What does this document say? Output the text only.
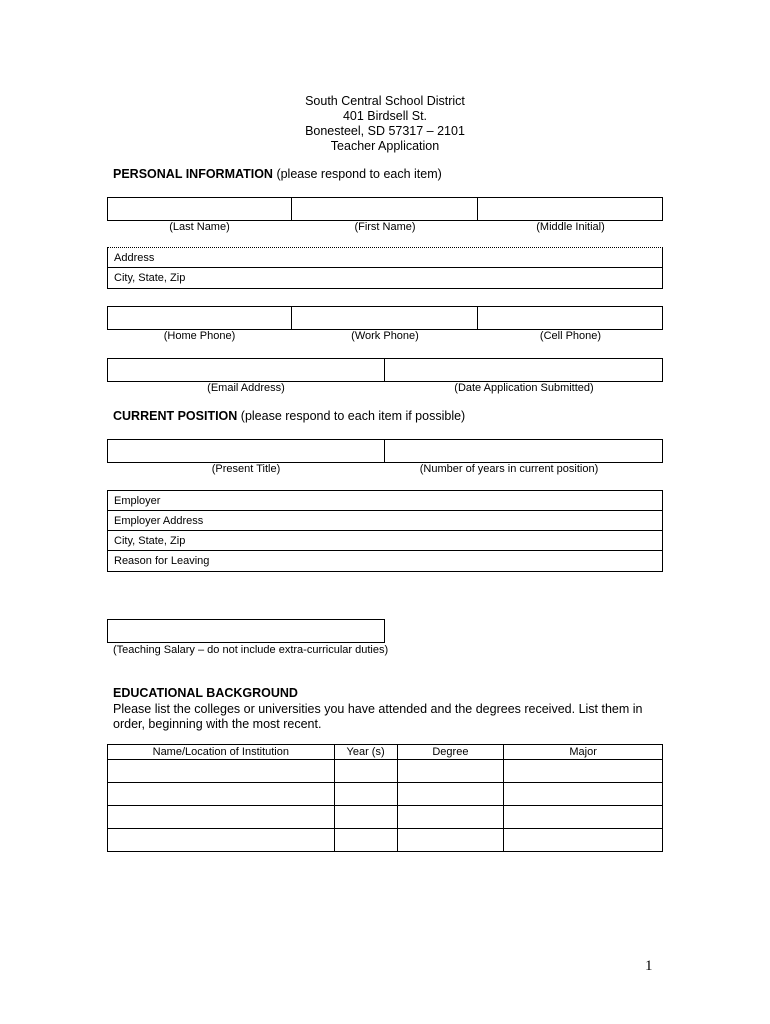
South Central School District
401 Birdsell St.
Bonesteel, SD 57317 – 2101
Teacher Application
PERSONAL INFORMATION (please respond to each item)
(Last Name)	(First Name)	(Middle Initial)
Address
City, State, Zip
(Home Phone)	(Work Phone)	(Cell Phone)
(Email Address)	(Date Application Submitted)
CURRENT POSITION (please respond to each item if possible)
(Present Title)	(Number of years in current position)
Employer
Employer Address
City, State, Zip
Reason for Leaving
(Teaching Salary – do not include extra-curricular duties)
EDUCATIONAL BACKGROUND
Please list the colleges or universities you have attended and the degrees received. List them in
order, beginning with the most recent.
Name/Location of Institution	Year (s)	Degree	Major

1
